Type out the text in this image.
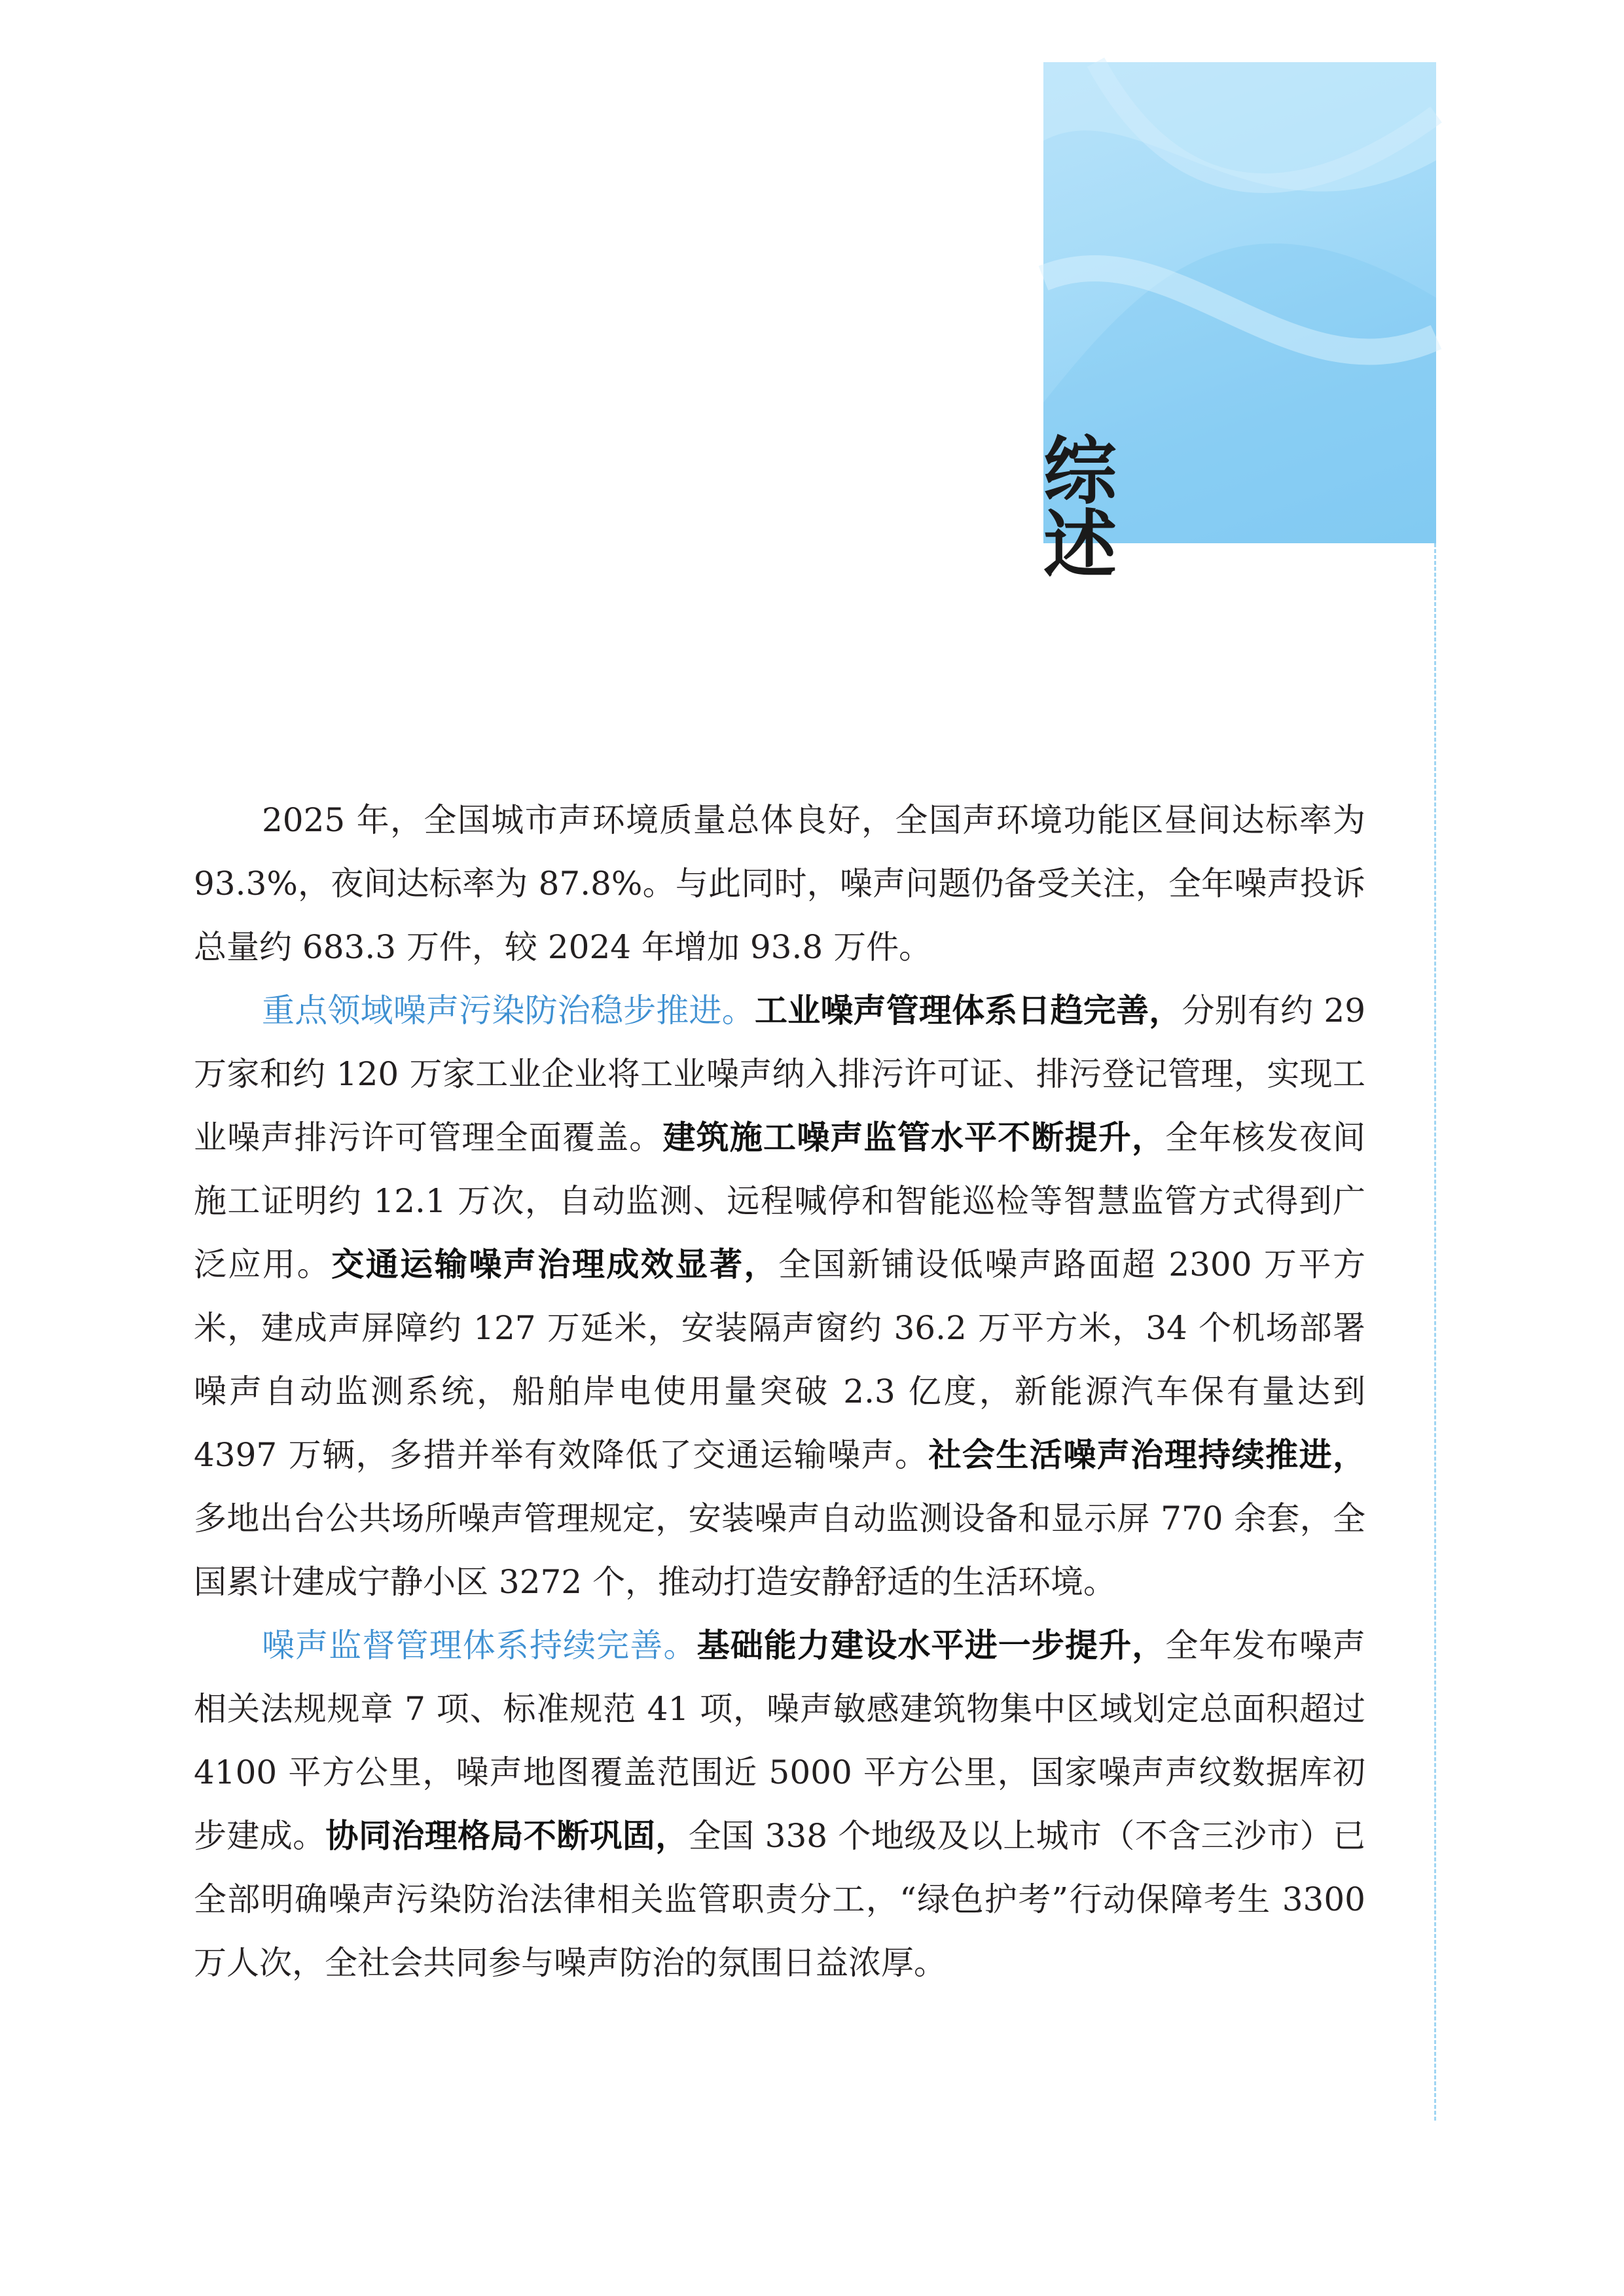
综　述

2025 年，全国城市声环境质量总体良好，全国声环境功能区昼间达标率为 93.3%，夜间达标率为 87.8%。与此同时，噪声问题仍备受关注，全年噪声投诉总量约 683.3 万件，较 2024 年增加 93.8 万件。

重点领域噪声污染防治稳步推进。工业噪声管理体系日趋完善，分别有约 29 万家和约 120 万家工业企业将工业噪声纳入排污许可证、排污登记管理，实现工业噪声排污许可管理全面覆盖。建筑施工噪声监管水平不断提升，全年核发夜间施工证明约 12.1 万次，自动监测、远程喊停和智能巡检等智慧监管方式得到广泛应用。交通运输噪声治理成效显著，全国新铺设低噪声路面超 2300 万平方米，建成声屏障约 127 万延米，安装隔声窗约 36.2 万平方米，34 个机场部署噪声自动监测系统，船舶岸电使用量突破 2.3 亿度，新能源汽车保有量达到 4397 万辆，多措并举有效降低了交通运输噪声。社会生活噪声治理持续推进，多地出台公共场所噪声管理规定，安装噪声自动监测设备和显示屏 770 余套，全国累计建成宁静小区 3272 个，推动打造安静舒适的生活环境。

噪声监督管理体系持续完善。基础能力建设水平进一步提升，全年发布噪声相关法规规章 7 项、标准规范 41 项，噪声敏感建筑物集中区域划定总面积超过 4100 平方公里，噪声地图覆盖范围近 5000 平方公里，国家噪声声纹数据库初步建成。协同治理格局不断巩固，全国 338 个地级及以上城市（不含三沙市）已全部明确噪声污染防治法律相关监管职责分工，“绿色护考”行动保障考生 3300 万人次，全社会共同参与噪声防治的氛围日益浓厚。
